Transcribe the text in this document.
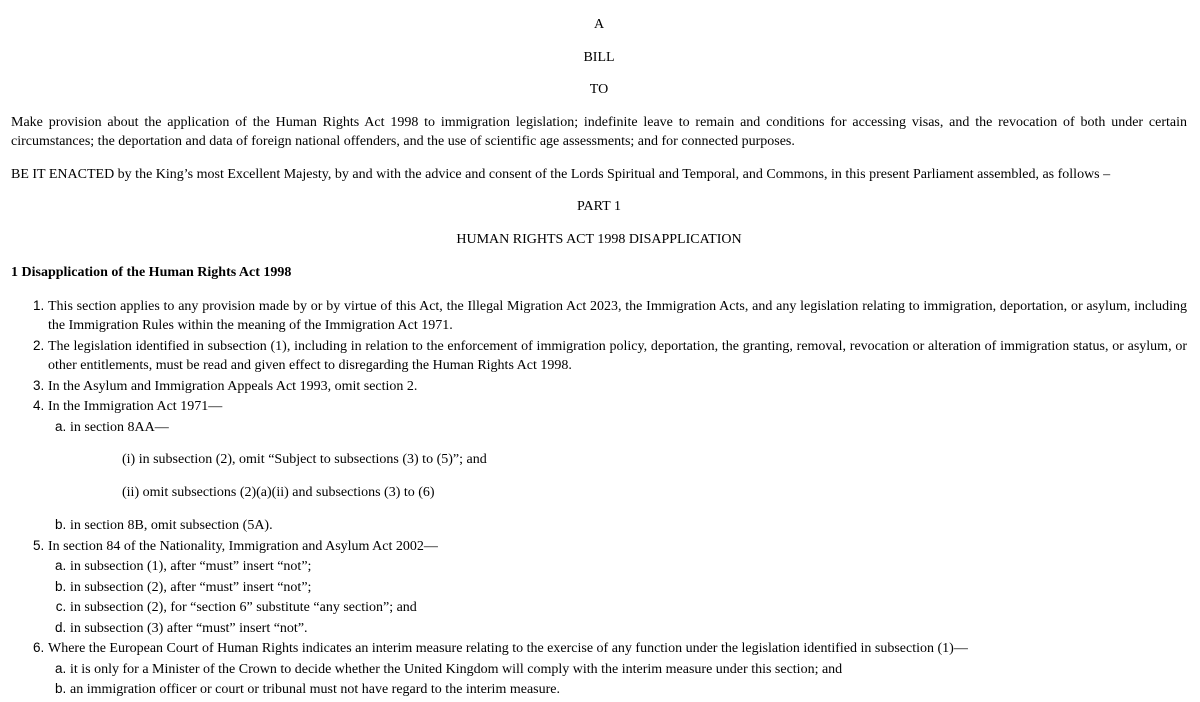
A

BILL

TO

Make provision about the application of the Human Rights Act 1998 to immigration legislation; indefinite leave to remain and conditions for accessing visas, and the revocation of both under certain circumstances; the deportation and data of foreign national offenders, and the use of scientific age assessments; and for connected purposes.

BE IT ENACTED by the King’s most Excellent Majesty, by and with the advice and consent of the Lords Spiritual and Temporal, and Commons, in this present Parliament assembled, as follows –

PART 1

HUMAN RIGHTS ACT 1998 DISAPPLICATION

1 Disapplication of the Human Rights Act 1998

1. This section applies to any provision made by or by virtue of this Act, the Illegal Migration Act 2023, the Immigration Acts, and any legislation relating to immigration, deportation, or asylum, including the Immigration Rules within the meaning of the Immigration Act 1971.
2. The legislation identified in subsection (1), including in relation to the enforcement of immigration policy, deportation, the granting, removal, revocation or alteration of immigration status, or asylum, or other entitlements, must be read and given effect to disregarding the Human Rights Act 1998.
3. In the Asylum and Immigration Appeals Act 1993, omit section 2.
4. In the Immigration Act 1971—
a. in section 8AA—

(i) in subsection (2), omit “Subject to subsections (3) to (5)”; and

(ii) omit subsections (2)(a)(ii) and subsections (3) to (6)

b. in section 8B, omit subsection (5A).
5. In section 84 of the Nationality, Immigration and Asylum Act 2002—
a. in subsection (1), after “must” insert “not”;
b. in subsection (2), after “must” insert “not”;
c. in subsection (2), for “section 6” substitute “any section”; and
d. in subsection (3) after “must” insert “not”.
6. Where the European Court of Human Rights indicates an interim measure relating to the exercise of any function under the legislation identified in subsection (1)—
a. it is only for a Minister of the Crown to decide whether the United Kingdom will comply with the interim measure under this section; and
b. an immigration officer or court or tribunal must not have regard to the interim measure.
